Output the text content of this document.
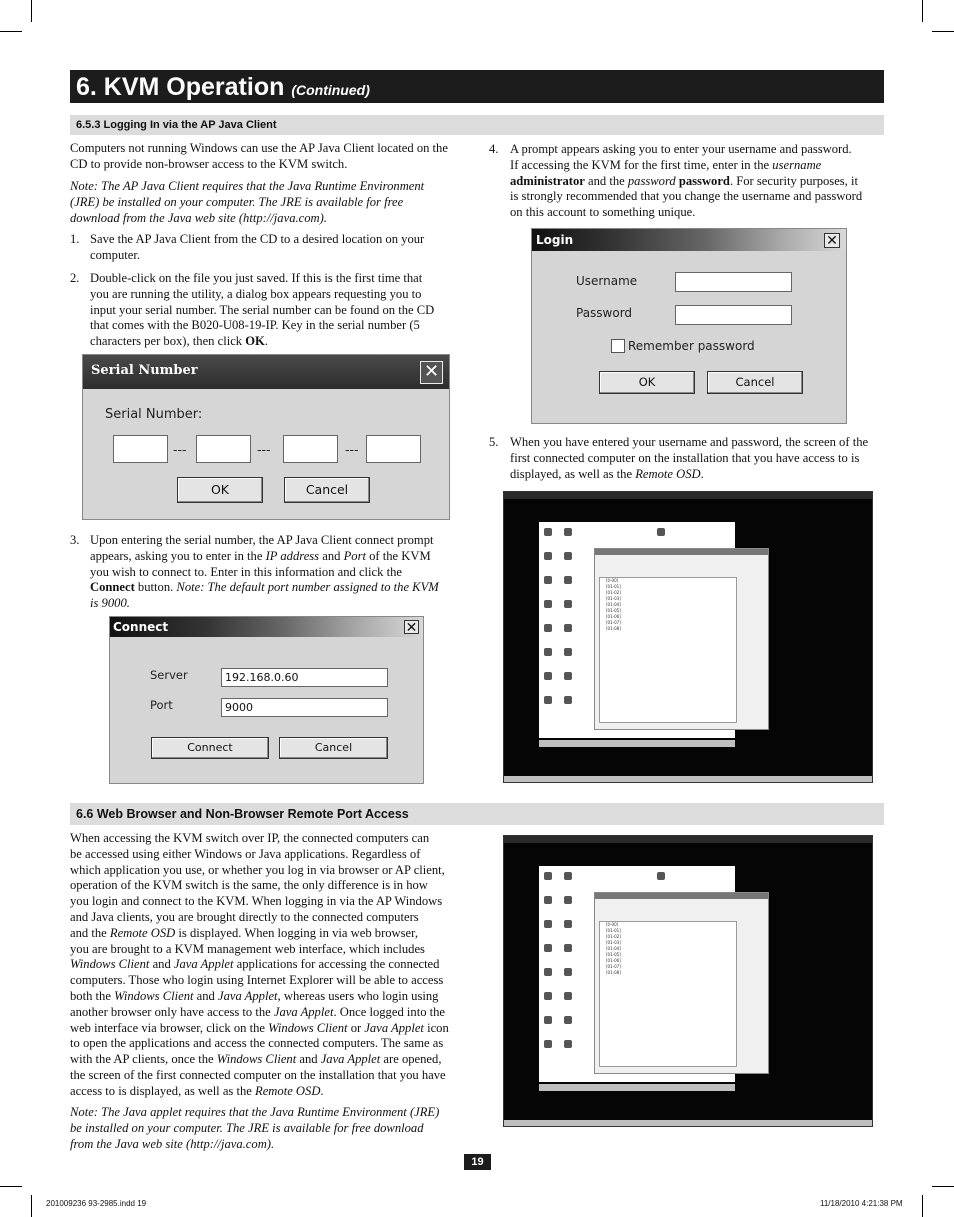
6. KVM Operation (Continued)
6.5.3 Logging In via the AP Java Client
Computers not running Windows can use the AP Java Client located on the
CD to provide non-browser access to the KVM switch.
Note: The AP Java Client requires that the Java Runtime Environment
(JRE) be installed on your computer. The JRE is available for free
download from the Java web site (http://java.com).
1. Save the AP Java Client from the CD to a desired location on your
computer.
2. Double-click on the file you just saved. If this is the first time that
you are running the utility, a dialog box appears requesting you to
input your serial number. The serial number can be found on the CD
that comes with the B020-U08-19-IP. Key in the serial number (5
characters per box), then click OK.
Serial Number	✕
Serial Number:
---	---	---
OK	Cancel
3. Upon entering the serial number, the AP Java Client connect prompt
appears, asking you to enter in the IP address and Port of the KVM
you wish to connect to. Enter in this information and click the
Connect button. Note: The default port number assigned to the KVM
is 9000.
Connect	✕
Server	192.168.0.60
Port	9000
Connect	Cancel
4. A prompt appears asking you to enter your username and password.
If accessing the KVM for the first time, enter in the username
administrator and the password password. For security purposes, it
is strongly recommended that you change the username and password
on this account to something unique.
Login	✕
Username
Password
Remember password
OK	Cancel
5. When you have entered your username and password, the screen of the
first connected computer on the installation that you have access to is
displayed, as well as the Remote OSD.
[0-00]
[01-01]
[01-02]
[01-03]
[01-04]
[01-05]
[01-06]
[01-07]
[01-08]
6.6 Web Browser and Non-Browser Remote Port Access
When accessing the KVM switch over IP, the connected computers can
be accessed using either Windows or Java applications. Regardless of
which application you use, or whether you log in via browser or AP client,
operation of the KVM switch is the same, the only difference is in how
you login and connect to the KVM. When logging in via the AP Windows
and Java clients, you are brought directly to the connected computers
and the Remote OSD is displayed. When logging in via web browser,
you are brought to a KVM management web interface, which includes
Windows Client and Java Applet applications for accessing the connected
computers. Those who login using Internet Explorer will be able to access
both the Windows Client and Java Applet, whereas users who login using
another browser only have access to the Java Applet. Once logged into the
web interface via browser, click on the Windows Client or Java Applet icon
to open the applications and access the connected computers. The same as
with the AP clients, once the Windows Client and Java Applet are opened,
the screen of the first connected computer on the installation that you have
access to is displayed, as well as the Remote OSD.
Note: The Java applet requires that the Java Runtime Environment (JRE)
be installed on your computer. The JRE is available for free download
from the Java web site (http://java.com).
[0-00]
[01-01]
[01-02]
[01-03]
[01-04]
[01-05]
[01-06]
[01-07]
[01-08]
19
201009236 93-2985.indd 19	11/18/2010 4:21:38 PM
